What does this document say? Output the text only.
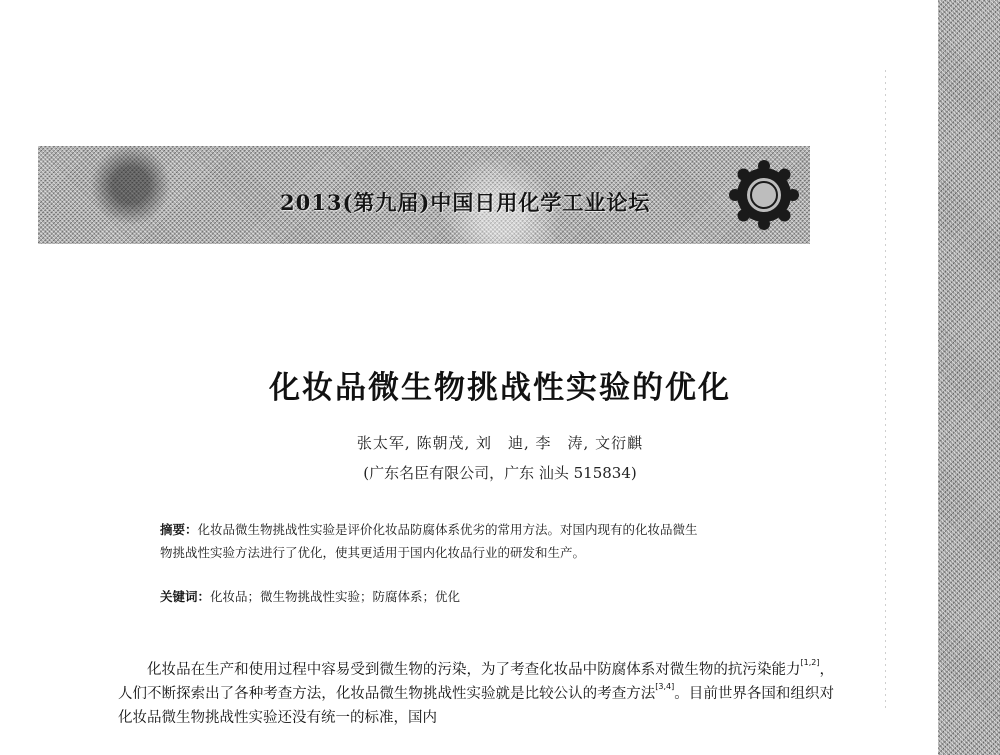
2013(第九届)中国日用化学工业论坛
化妆品微生物挑战性实验的优化
张太军, 陈朝茂, 刘　迪, 李　涛, 文衍麒
(广东名臣有限公司，广东 汕头 515834)
摘要：化妆品微生物挑战性实验是评价化妆品防腐体系优劣的常用方法。对国内现有的化妆品微生物挑战性实验方法进行了优化，使其更适用于国内化妆品行业的研发和生产。
关键词：化妆品；微生物挑战性实验；防腐体系；优化
化妆品在生产和使用过程中容易受到微生物的污染，为了考查化妆品中防腐体系对微生物的抗污染能力[1,2]，人们不断探索出了各种考查方法，化妆品微生物挑战性实验就是比较公认的考查方法[3,4]。目前世界各国和组织对化妆品微生物挑战性实验还没有统一的标准，国内
